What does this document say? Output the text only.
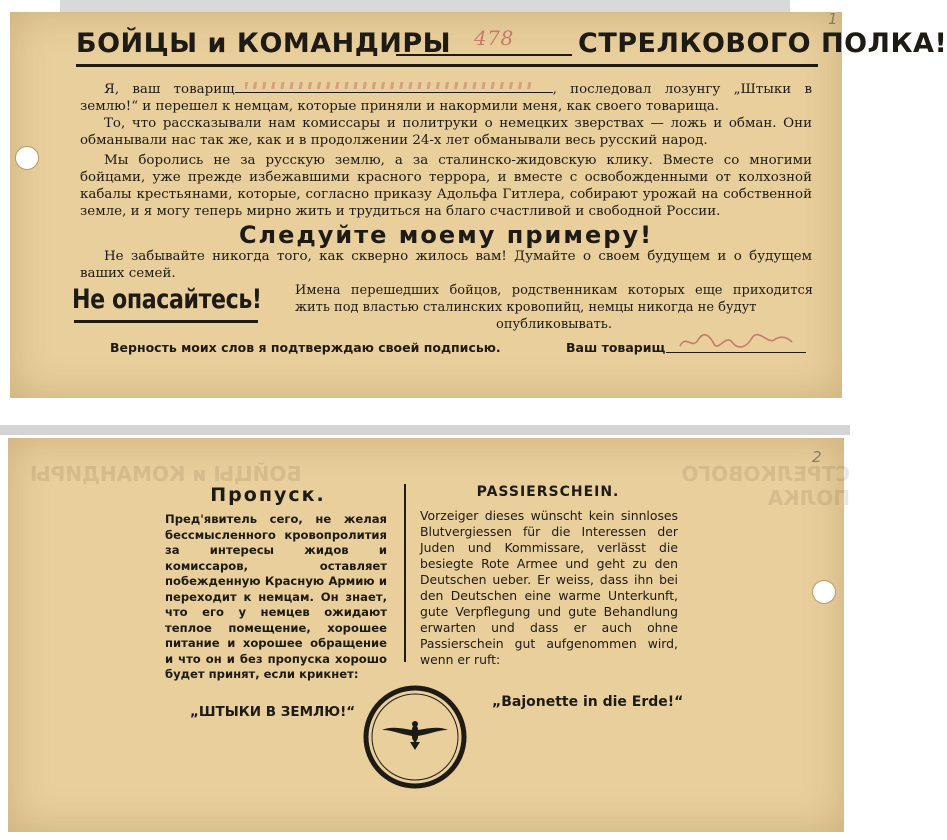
1
БОЙЦЫ и КОМАНДИРЫ 478 СТРЕЛКОВОГО ПОЛКА!
Я, ваш товарищ	, последовал лозунгу „Штыки в землю!“ и перешел к немцам, которые приняли и накормили меня, как своего товарища.
То, что рассказывали нам комиссары и политруки о немецких зверствах — ложь и обман. Они обманывали нас так же, как и в продолжении 24-х лет обманывали весь русский народ.
Мы боролись не за русскую землю, а за сталинско-жидовскую клику. Вместе со многими бойцами, уже прежде избежавшими красного террора, и вместе с освобожденными от колхозной кабалы крестьянами, которые, согласно приказу Адольфа Гитлера, собирают урожай на собственной земле, и я могу теперь мирно жить и трудиться на благо счастливой и свободной России.
Следуйте моему примеру!
Не забывайте никогда того, как скверно жилось вам! Думайте о своем будущем и о будущем ваших семей.
Не опасайтесь!	Имена перешедших бойцов, родственникам которых еще приходится жить под властью сталинских кровопийц, немцы никогда не будут
опубликовывать.
Верность моих слов я подтверждаю своей подписью.	Ваш товарищ
2
БОЙЦЫ и КОМАНДИРЫ	СТРЕЛКОВОГО ПОЛКА
Пропуск.
Пред'явитель сего, не желая бессмысленного кровопролития за интересы жидов и комиссаров, оставляет побежденную Красную Армию и переходит к немцам. Он знает, что его у немцев ожидают теплое помещение, хорошее питание и хорошее обращение и что он и без пропуска хорошо будет принят, если крикнет:
PASSIERSCHEIN.
Vorzeiger dieses wünscht kein sinnloses Blutvergiessen für die Interessen der Juden und Kommissare, verlässt die besiegte Rote Armee und geht zu den Deutschen ueber. Er weiss, dass ihn bei den Deutschen eine warme Unterkunft, gute Verpflegung und gute Behandlung erwarten und dass er auch ohne Passierschein gut aufgenommen wird, wenn er ruft:
„ШТЫКИ В ЗЕМЛЮ!“
„Bajonette in die Erde!“
